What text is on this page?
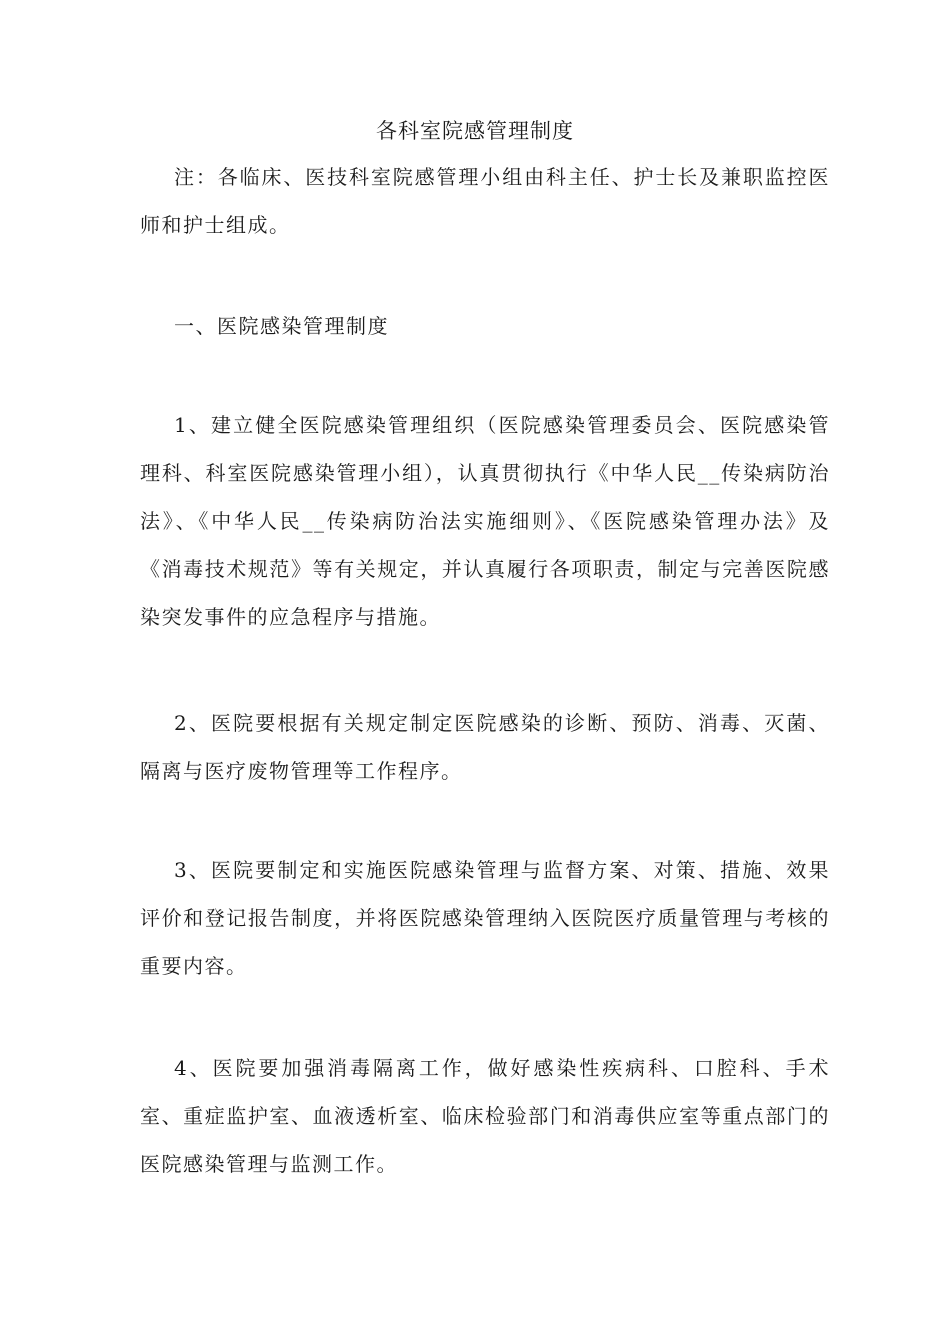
各科室院感管理制度

注：各临床、医技科室院感管理小组由科主任、护士长及兼职监控医师和护士组成。

一、医院感染管理制度

1、建立健全医院感染管理组织（医院感染管理委员会、医院感染管理科、科室医院感染管理小组），认真贯彻执行《中华人民__传染病防治法》、《中华人民__传染病防治法实施细则》、《医院感染管理办法》及《消毒技术规范》等有关规定，并认真履行各项职责，制定与完善医院感染突发事件的应急程序与措施。

2、医院要根据有关规定制定医院感染的诊断、预防、消毒、灭菌、隔离与医疗废物管理等工作程序。

3、医院要制定和实施医院感染管理与监督方案、对策、措施、效果评价和登记报告制度，并将医院感染管理纳入医院医疗质量管理与考核的重要内容。

4、医院要加强消毒隔离工作，做好感染性疾病科、口腔科、手术室、重症监护室、血液透析室、临床检验部门和消毒供应室等重点部门的医院感染管理与监测工作。
